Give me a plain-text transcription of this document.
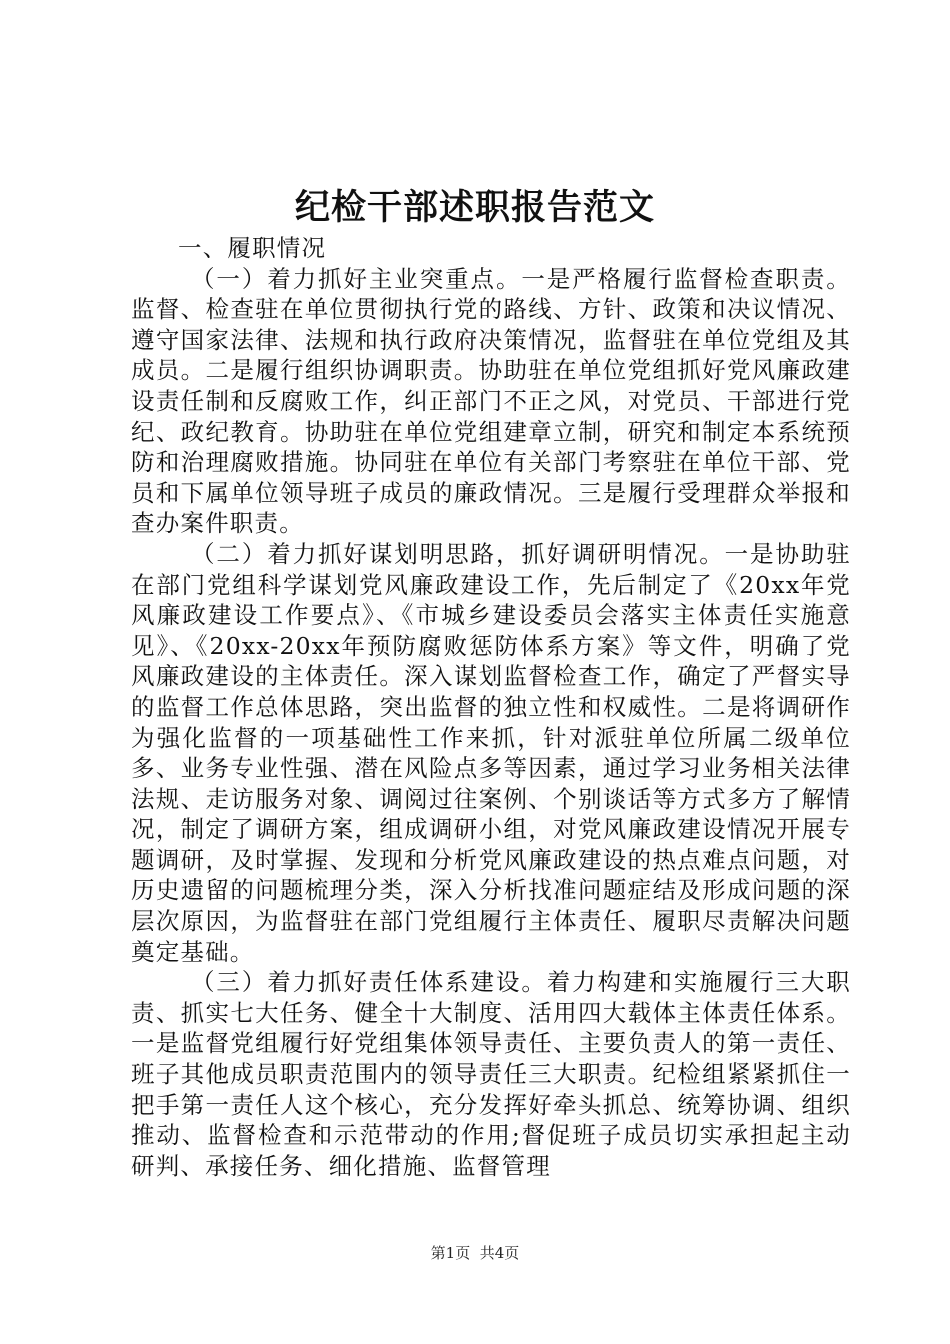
纪检干部述职报告范文

一、履职情况

（一）着力抓好主业突重点。一是严格履行监督检查职责。监督、检查驻在单位贯彻执行党的路线、方针、政策和决议情况、遵守国家法律、法规和执行政府决策情况，监督驻在单位党组及其成员。二是履行组织协调职责。协助驻在单位党组抓好党风廉政建设责任制和反腐败工作，纠正部门不正之风，对党员、干部进行党纪、政纪教育。协助驻在单位党组建章立制，研究和制定本系统预防和治理腐败措施。协同驻在单位有关部门考察驻在单位干部、党员和下属单位领导班子成员的廉政情况。三是履行受理群众举报和查办案件职责。

（二）着力抓好谋划明思路，抓好调研明情况。一是协助驻在部门党组科学谋划党风廉政建设工作，先后制定了《20xx年党风廉政建设工作要点》、《市城乡建设委员会落实主体责任实施意见》、《20xx-20xx年预防腐败惩防体系方案》等文件，明确了党风廉政建设的主体责任。深入谋划监督检查工作，确定了严督实导的监督工作总体思路，突出监督的独立性和权威性。二是将调研作为强化监督的一项基础性工作来抓，针对派驻单位所属二级单位多、业务专业性强、潜在风险点多等因素，通过学习业务相关法律法规、走访服务对象、调阅过往案例、个别谈话等方式多方了解情况，制定了调研方案，组成调研小组，对党风廉政建设情况开展专题调研，及时掌握、发现和分析党风廉政建设的热点难点问题，对历史遗留的问题梳理分类，深入分析找准问题症结及形成问题的深层次原因，为监督驻在部门党组履行主体责任、履职尽责解决问题奠定基础。

（三）着力抓好责任体系建设。着力构建和实施履行三大职责、抓实七大任务、健全十大制度、活用四大载体主体责任体系。一是监督党组履行好党组集体领导责任、主要负责人的第一责任、班子其他成员职责范围内的领导责任三大职责。纪检组紧紧抓住一把手第一责任人这个核心，充分发挥好牵头抓总、统筹协调、组织推动、监督检查和示范带动的作用;督促班子成员切实承担起主动研判、承接任务、细化措施、监督管理

第1页 共4页
